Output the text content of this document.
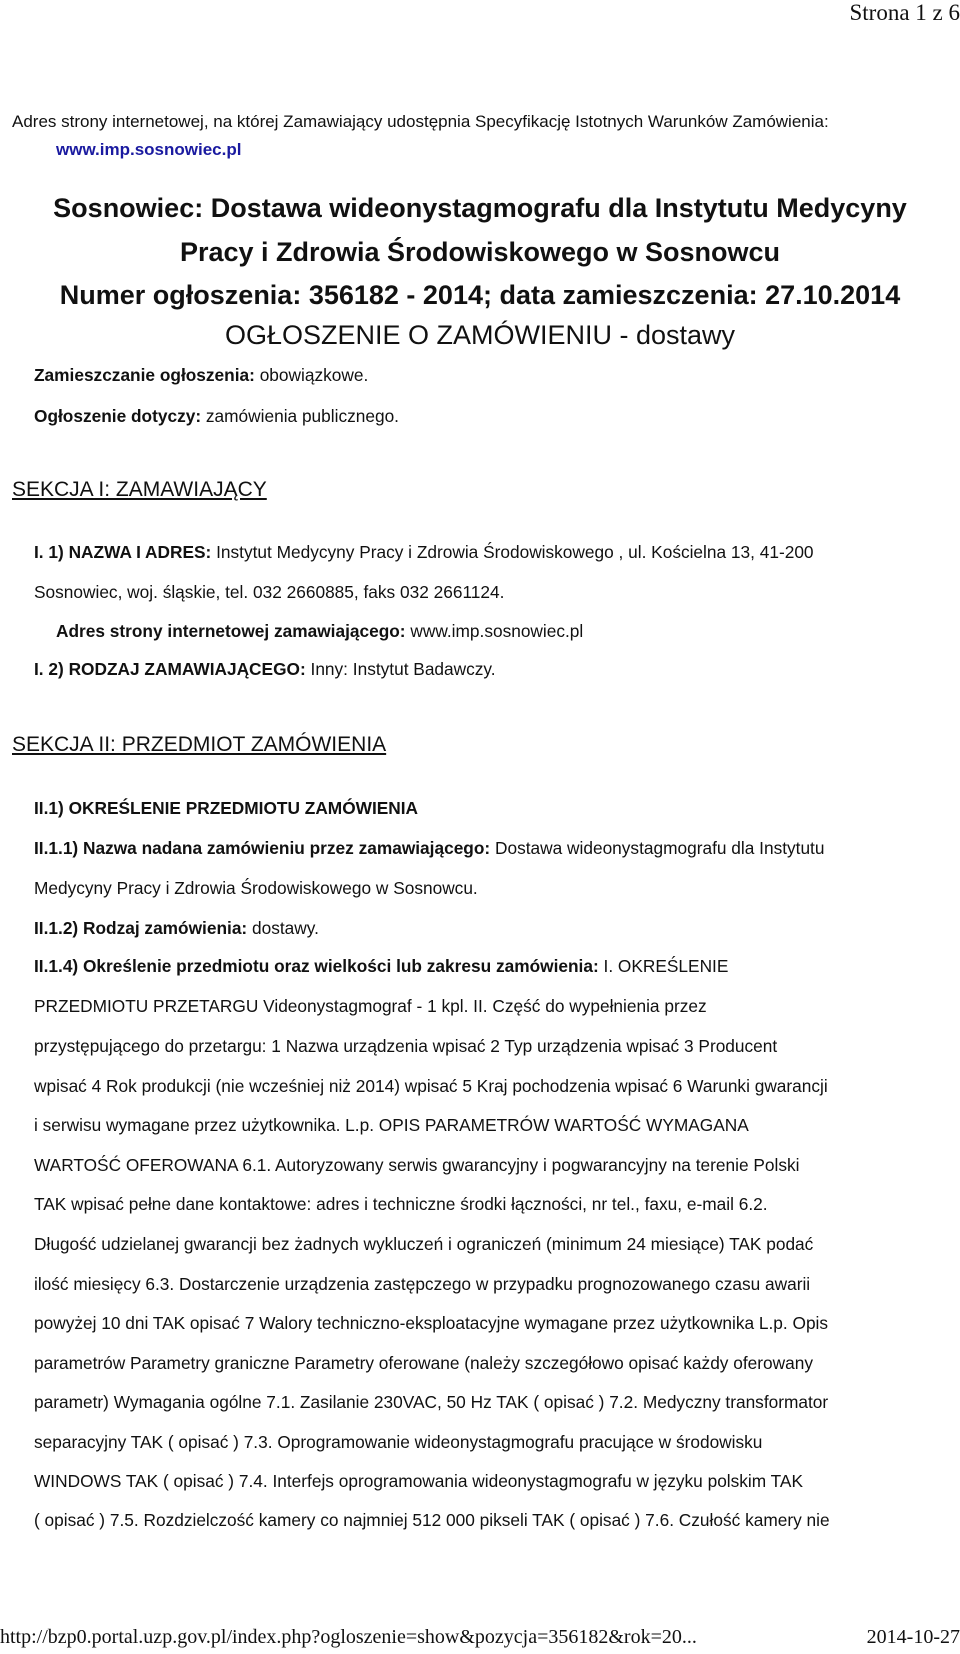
Strona 1 z 6
Adres strony internetowej, na której Zamawiający udostępnia Specyfikację Istotnych Warunków Zamówienia:
www.imp.sosnowiec.pl
Sosnowiec: Dostawa wideonystagmografu dla Instytutu Medycyny
Pracy i Zdrowia Środowiskowego w Sosnowcu
Numer ogłoszenia: 356182 - 2014; data zamieszczenia: 27.10.2014
OGŁOSZENIE O ZAMÓWIENIU - dostawy
Zamieszczanie ogłoszenia: obowiązkowe.
Ogłoszenie dotyczy: zamówienia publicznego.
SEKCJA I: ZAMAWIAJĄCY
I. 1) NAZWA I ADRES: Instytut Medycyny Pracy i Zdrowia Środowiskowego , ul. Kościelna 13, 41-200
Sosnowiec, woj. śląskie, tel. 032 2660885, faks 032 2661124.
Adres strony internetowej zamawiającego: www.imp.sosnowiec.pl
I. 2) RODZAJ ZAMAWIAJĄCEGO: Inny: Instytut Badawczy.
SEKCJA II: PRZEDMIOT ZAMÓWIENIA
II.1) OKREŚLENIE PRZEDMIOTU ZAMÓWIENIA
II.1.1) Nazwa nadana zamówieniu przez zamawiającego: Dostawa wideonystagmografu dla Instytutu
Medycyny Pracy i Zdrowia Środowiskowego w Sosnowcu.
II.1.2) Rodzaj zamówienia: dostawy.
II.1.4) Określenie przedmiotu oraz wielkości lub zakresu zamówienia: I. OKREŚLENIE
PRZEDMIOTU PRZETARGU Videonystagmograf - 1 kpl. II. Część do wypełnienia przez
przystępującego do przetargu: 1 Nazwa urządzenia wpisać 2 Typ urządzenia wpisać 3 Producent
wpisać 4 Rok produkcji (nie wcześniej niż 2014) wpisać 5 Kraj pochodzenia wpisać 6 Warunki gwarancji
i serwisu wymagane przez użytkownika. L.p. OPIS PARAMETRÓW WARTOŚĆ WYMAGANA
WARTOŚĆ OFEROWANA 6.1. Autoryzowany serwis gwarancyjny i pogwarancyjny na terenie Polski
TAK wpisać pełne dane kontaktowe: adres i techniczne środki łączności, nr tel., faxu, e-mail 6.2.
Długość udzielanej gwarancji bez żadnych wykluczeń i ograniczeń (minimum 24 miesiące) TAK podać
ilość miesięcy 6.3. Dostarczenie urządzenia zastępczego w przypadku prognozowanego czasu awarii
powyżej 10 dni TAK opisać 7 Walory techniczno-eksploatacyjne wymagane przez użytkownika L.p. Opis
parametrów Parametry graniczne Parametry oferowane (należy szczegółowo opisać każdy oferowany
parametr) Wymagania ogólne 7.1. Zasilanie 230VAC, 50 Hz TAK ( opisać ) 7.2. Medyczny transformator
separacyjny TAK ( opisać ) 7.3. Oprogramowanie wideonystagmografu pracujące w środowisku
WINDOWS TAK ( opisać ) 7.4. Interfejs oprogramowania wideonystagmografu w języku polskim TAK
( opisać ) 7.5. Rozdzielczość kamery co najmniej 512 000 pikseli TAK ( opisać ) 7.6. Czułość kamery nie
http://bzp0.portal.uzp.gov.pl/index.php?ogloszenie=show&pozycja=356182&rok=20...	2014-10-27
